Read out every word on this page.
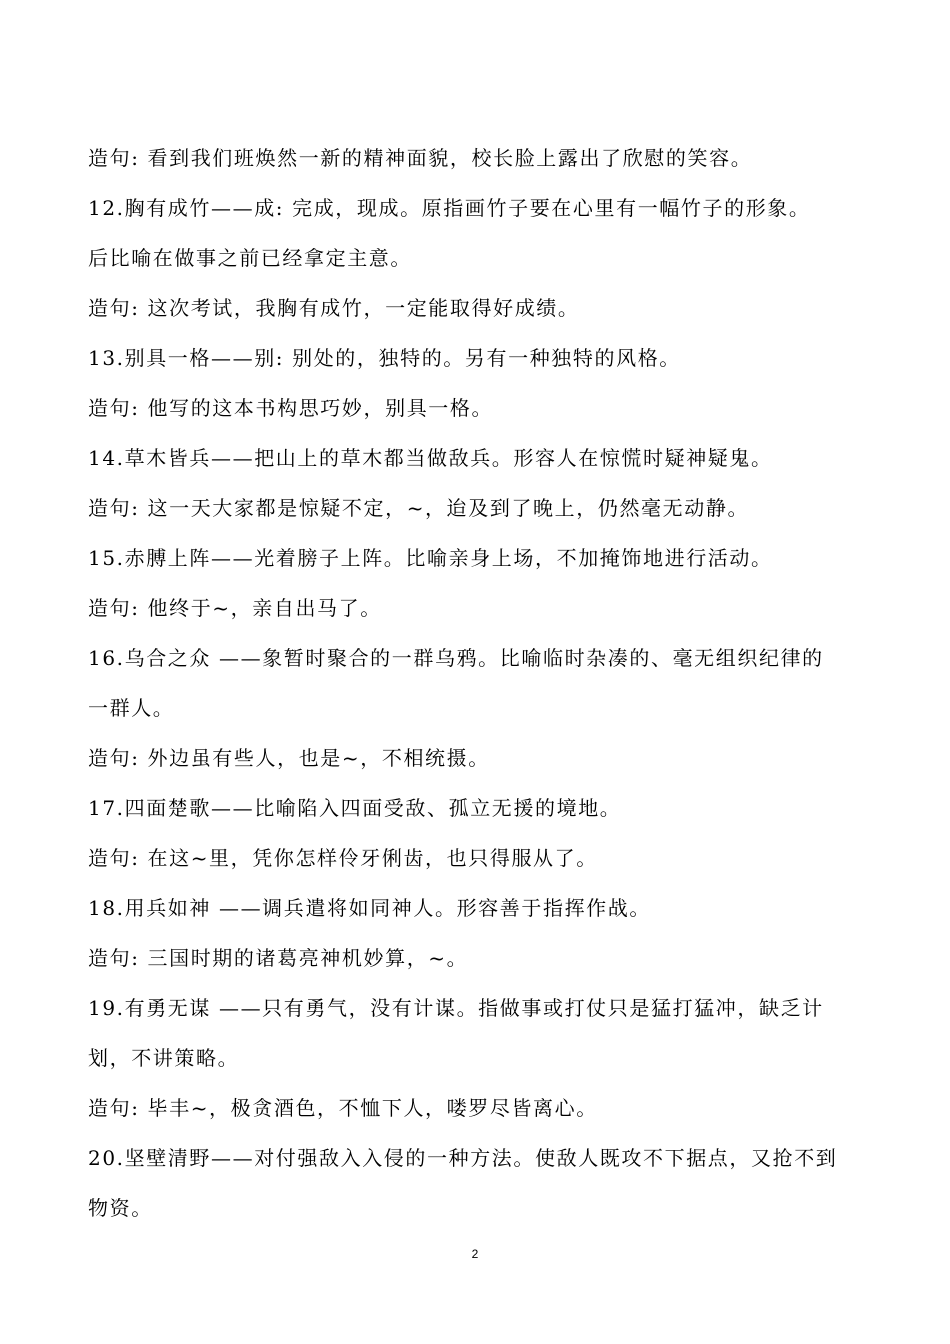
造句: 看到我们班焕然一新的精神面貌，校长脸上露出了欣慰的笑容。
12.胸有成竹——成: 完成，现成。原指画竹子要在心里有一幅竹子的形象。
后比喻在做事之前已经拿定主意。
造句: 这次考试，我胸有成竹，一定能取得好成绩。
13.别具一格——别: 别处的，独特的。另有一种独特的风格。
造句: 他写的这本书构思巧妙，别具一格。
14.草木皆兵——把山上的草木都当做敌兵。形容人在惊慌时疑神疑鬼。
造句: 这一天大家都是惊疑不定，~，迨及到了晚上，仍然毫无动静。
15.赤膊上阵——光着膀子上阵。比喻亲身上场，不加掩饰地进行活动。
造句: 他终于~，亲自出马了。
16.乌合之众 ——象暂时聚合的一群乌鸦。比喻临时杂凑的、毫无组织纪律的
一群人。
造句: 外边虽有些人，也是~，不相统摄。
17.四面楚歌——比喻陷入四面受敌、孤立无援的境地。
造句: 在这~里，凭你怎样伶牙俐齿，也只得服从了。
18.用兵如神 ——调兵遣将如同神人。形容善于指挥作战。
造句: 三国时期的诸葛亮神机妙算，~。
19.有勇无谋 ——只有勇气，没有计谋。指做事或打仗只是猛打猛冲，缺乏计
划，不讲策略。
造句: 毕丰~，极贪酒色，不恤下人，喽罗尽皆离心。
20.坚壁清野——对付强敌入入侵的一种方法。使敌人既攻不下据点，又抢不到
物资。
2
